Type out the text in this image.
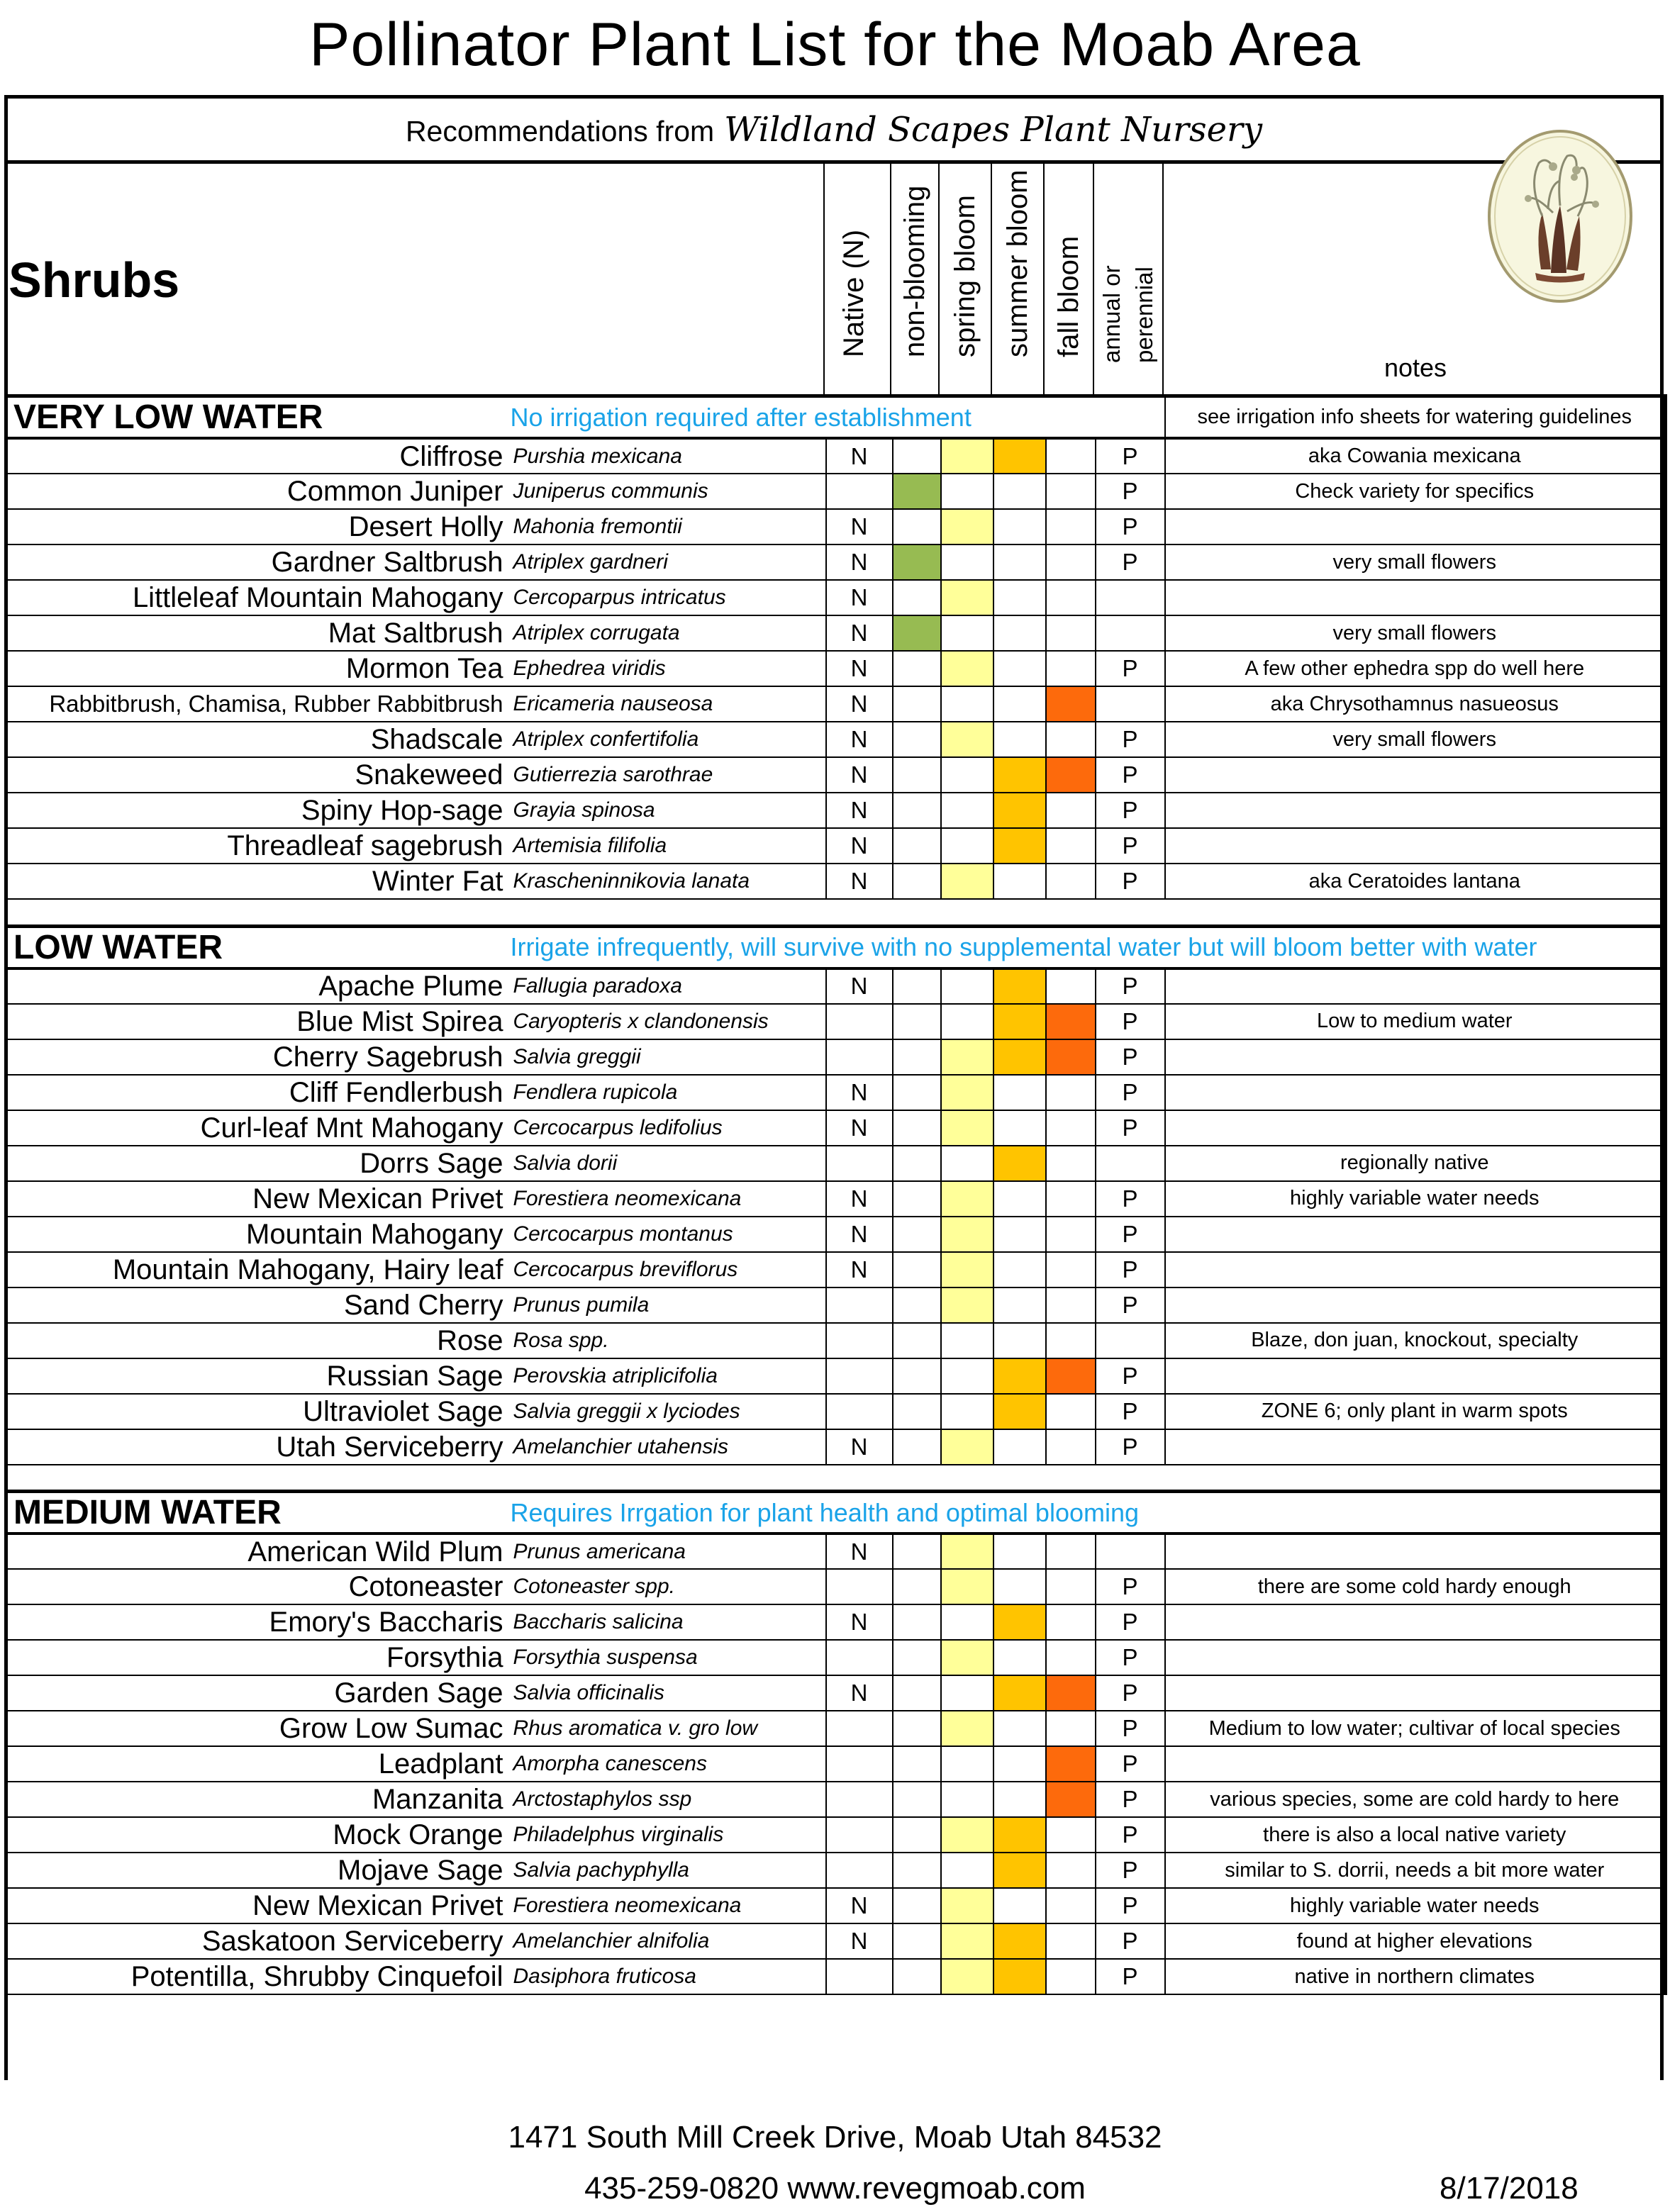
Pollinator Plant List for the Moab Area
Recommendations from Wildland Scapes Plant Nursery
Native (N) non-blooming spring bloom summer bloom fall bloom annual or perennial
notes
Shrubs
VERY LOW WATER	No irrigation required after establishment							see irrigation info sheets for watering guidelines
Cliffrose	Purshia mexicana	N					P	aka Cowania mexicana
Common Juniper	Juniperus communis						P	Check variety for specifics
Desert Holly	Mahonia fremontii	N					P	
Gardner Saltbrush	Atriplex gardneri	N					P	very small flowers
Littleleaf Mountain Mahogany	Cercoparpus intricatus	N						
Mat Saltbrush	Atriplex corrugata	N						very small flowers
Mormon Tea	Ephedrea viridis	N					P	A few other ephedra spp do well here
Rabbitbrush, Chamisa, Rubber Rabbitbrush	Ericameria nauseosa	N						aka Chrysothamnus nasueosus
Shadscale	Atriplex confertifolia	N					P	very small flowers
Snakeweed	Gutierrezia sarothrae	N					P	
Spiny Hop-sage	Grayia spinosa	N					P	
Threadleaf sagebrush	Artemisia filifolia	N					P	
Winter Fat	Krascheninnikovia lanata	N					P	aka Ceratoides lantana

LOW WATER	Irrigate infrequently, will survive with no supplemental water but will bloom better with water							
Apache Plume	Fallugia paradoxa	N					P	
Blue Mist Spirea	Caryopteris x clandonensis						P	Low to medium water
Cherry Sagebrush	Salvia greggii						P	
Cliff Fendlerbush	Fendlera rupicola	N					P	
Curl-leaf Mnt Mahogany	Cercocarpus ledifolius	N					P	
Dorrs Sage	Salvia dorii							regionally native
New Mexican Privet	Forestiera neomexicana	N					P	highly variable water needs
Mountain Mahogany	Cercocarpus montanus	N					P	
Mountain Mahogany, Hairy leaf	Cercocarpus breviflorus	N					P	
Sand Cherry	Prunus pumila						P	
Rose	Rosa spp.							Blaze, don juan, knockout, specialty
Russian Sage	Perovskia atriplicifolia						P	
Ultraviolet Sage	Salvia greggii x lyciodes						P	ZONE 6; only plant in warm spots
Utah Serviceberry	Amelanchier utahensis	N					P	

MEDIUM WATER	Requires Irrgation for plant health and optimal blooming							
American Wild Plum	Prunus americana	N						
Cotoneaster	Cotoneaster spp.						P	there are some cold hardy enough
Emory's Baccharis	Baccharis salicina	N					P	
Forsythia	Forsythia suspensa						P	
Garden Sage	Salvia officinalis	N					P	
Grow Low Sumac	Rhus aromatica v. gro low						P	Medium to low water; cultivar of local species
Leadplant	Amorpha canescens						P	
Manzanita	Arctostaphylos ssp						P	various species, some are cold hardy to here
Mock Orange	Philadelphus virginalis						P	there is also a local native variety
Mojave Sage	Salvia pachyphylla						P	similar to S. dorrii, needs a bit more water
New Mexican Privet	Forestiera neomexicana	N					P	highly variable water needs
Saskatoon Serviceberry	Amelanchier alnifolia	N					P	found at higher elevations
Potentilla, Shrubby Cinquefoil	Dasiphora fruticosa						P	native in northern climates
1471 South Mill Creek Drive, Moab Utah 84532
435-259-0820 www.revegmoab.com	8/17/2018
